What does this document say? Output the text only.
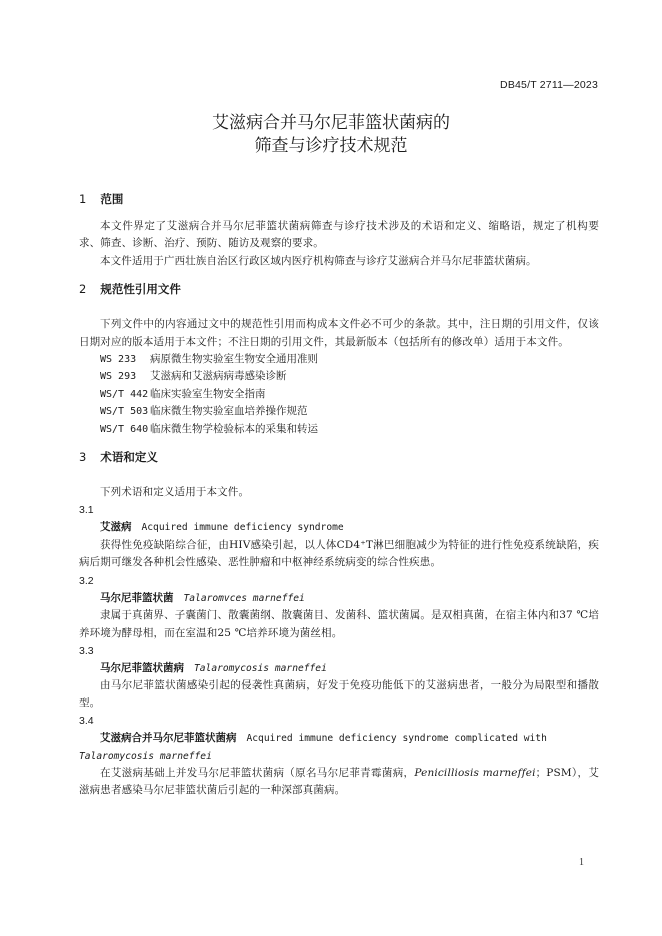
DB45/T 2711—2023
艾滋病合并马尔尼菲篮状菌病的
筛查与诊疗技术规范
1 范围
本文件界定了艾滋病合并马尔尼菲篮状菌病筛查与诊疗技术涉及的术语和定义、缩略语，规定了机构要求、筛查、诊断、治疗、预防、随访及观察的要求。
本文件适用于广西壮族自治区行政区域内医疗机构筛查与诊疗艾滋病合并马尔尼菲篮状菌病。
2 规范性引用文件
下列文件中的内容通过文中的规范性引用而构成本文件必不可少的条款。其中，注日期的引用文件，仅该日期对应的版本适用于本文件；不注日期的引用文件，其最新版本（包括所有的修改单）适用于本文件。
WS 233	病原微生物实验室生物安全通用准则
WS 293	艾滋病和艾滋病病毒感染诊断
WS/T 442 临床实验室生物安全指南
WS/T 503 临床微生物实验室血培养操作规范
WS/T 640 临床微生物学检验标本的采集和转运
3 术语和定义
下列术语和定义适用于本文件。
3.1
艾滋病 Acquired immune deficiency syndrome
获得性免疫缺陷综合征，由HIV感染引起，以人体CD4⁺T淋巴细胞减少为特征的进行性免疫系统缺陷，疾病后期可继发各种机会性感染、恶性肿瘤和中枢神经系统病变的综合性疾患。
3.2
马尔尼菲篮状菌 Talaromvces marneffei
隶属于真菌界、子囊菌门、散囊菌纲、散囊菌目、发菌科、篮状菌属。是双相真菌，在宿主体内和37 ℃培养环境为酵母相，而在室温和25 ℃培养环境为菌丝相。
3.3
马尔尼菲篮状菌病 Talaromycosis marneffei
由马尔尼菲篮状菌感染引起的侵袭性真菌病，好发于免疫功能低下的艾滋病患者，一般分为局限型和播散型。
3.4
艾滋病合并马尔尼菲篮状菌病 Acquired immune deficiency syndrome complicated with
Talaromycosis marneffei
在艾滋病基础上并发马尔尼菲篮状菌病（原名马尔尼菲青霉菌病，Penicilliosis marneffei；PSM），艾滋病患者感染马尔尼菲篮状菌后引起的一种深部真菌病。
1
